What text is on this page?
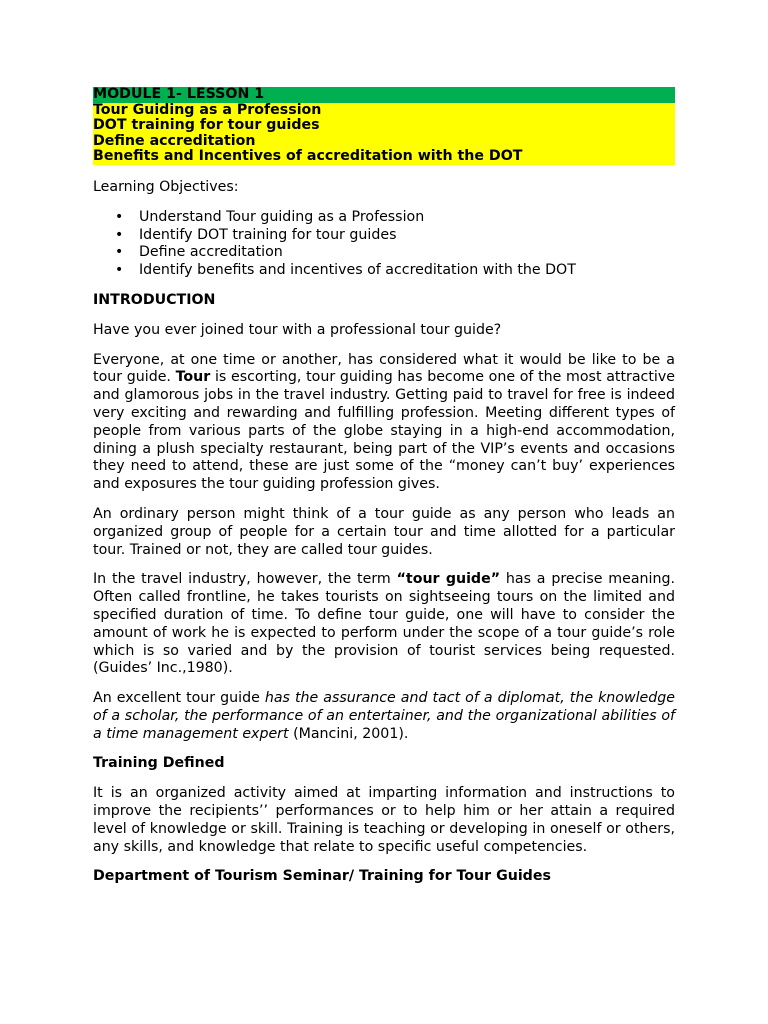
MODULE 1- LESSON 1
Tour Guiding as a Profession
DOT training for tour guides
Define accreditation
Benefits and Incentives of accreditation with the DOT

Learning Objectives:

• Understand Tour guiding as a Profession
• Identify DOT training for tour guides
• Define accreditation
• Identify benefits and incentives of accreditation with the DOT
INTRODUCTION

Have you ever joined tour with a professional tour guide?

Everyone, at one time or another, has considered what it would be like to be a tour guide. Tour is escorting, tour guiding has become one of the most attractive and glamorous jobs in the travel industry. Getting paid to travel for free is indeed very exciting and rewarding and fulfilling profession. Meeting different types of people from various parts of the globe staying in a high-end accommodation, dining a plush specialty restaurant, being part of the VIP’s events and occasions they need to attend, these are just some of the “money can’t buy’ experiences and exposures the tour guiding profession gives.

An ordinary person might think of a tour guide as any person who leads an organized group of people for a certain tour and time allotted for a particular tour. Trained or not, they are called tour guides.

In the travel industry, however, the term “tour guide” has a precise meaning. Often called frontline, he takes tourists on sightseeing tours on the limited and specified duration of time. To define tour guide, one will have to consider the amount of work he is expected to perform under the scope of a tour guide’s role which is so varied and by the provision of tourist services being requested. (Guides’ Inc.,1980).

An excellent tour guide has the assurance and tact of a diplomat, the knowledge of a scholar, the performance of an entertainer, and the organizational abilities of a time management expert (Mancini, 2001).

Training Defined

It is an organized activity aimed at imparting information and instructions to improve the recipients’’ performances or to help him or her attain a required level of knowledge or skill. Training is teaching or developing in oneself or others, any skills, and knowledge that relate to specific useful competencies.

Department of Tourism Seminar/ Training for Tour Guides
